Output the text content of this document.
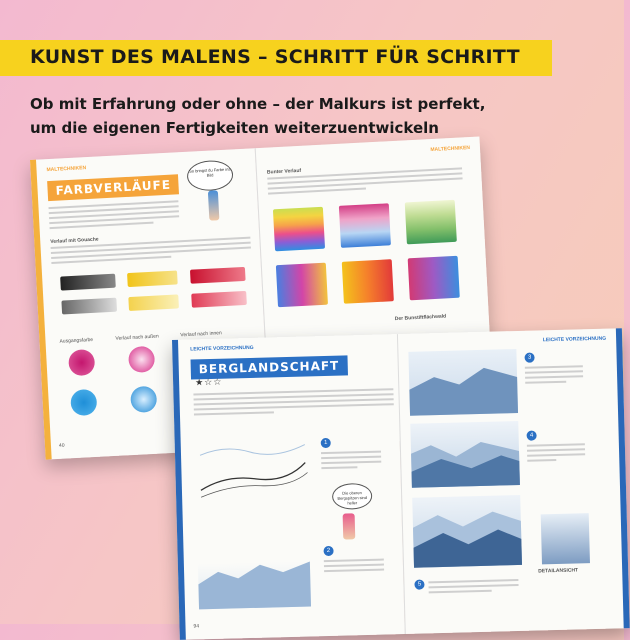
KUNST DES MALENS – SCHRITT FÜR SCHRITT
Ob mit Erfahrung oder ohne – der Malkurs ist perfekt,
um die eigenen Fertigkeiten weiterzuentwickeln
MALTECHNIKEN
FARBVERLÄUFE
So bringst du Farbe ins Bild
Verlauf mit Gouache
Ausgangsfarbe	Verlauf nach außen	Verlauf nach innen
40
MALTECHNIKEN
Bunter Verlauf
Der Bunstiftflächwald
LEICHTE VORZEICHNUNG
BERGLANDSCHAFT
★☆☆
1
2
Die oberen Bergspitzen sind heller
94
LEICHTE VORZEICHNUNG
3
4
DETAILANSICHT
5
